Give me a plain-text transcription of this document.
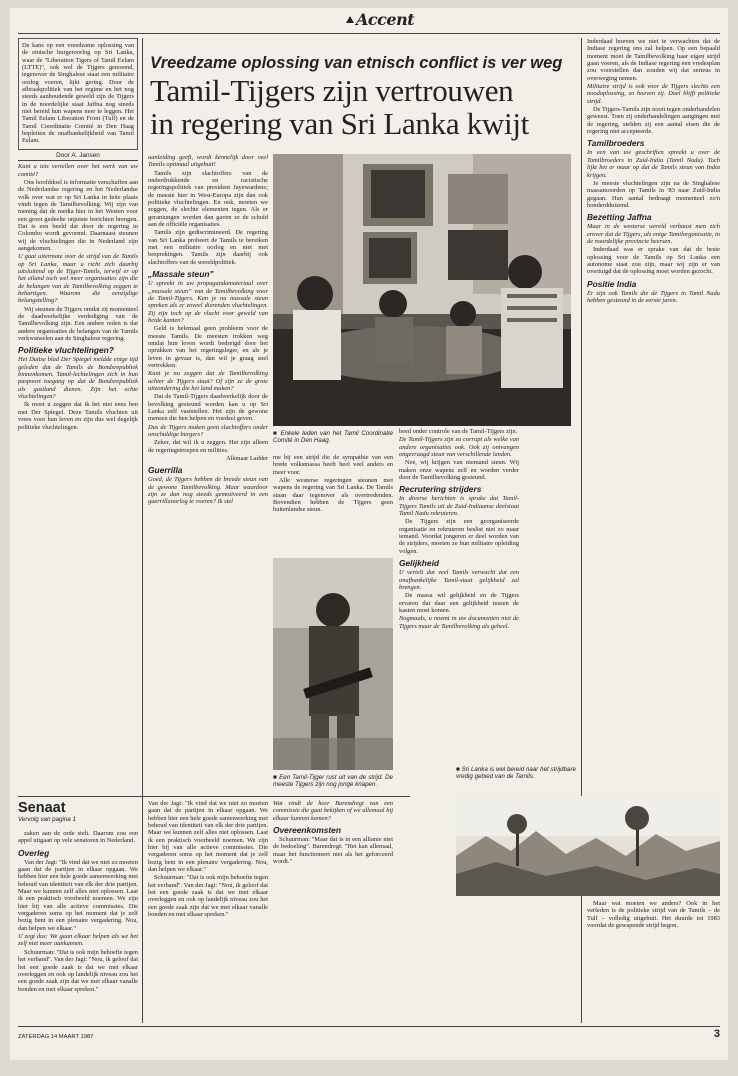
Accent

De kans op een vreedzame oplossing van de etnische burgeroorlog op Sri Lanka, waar de "Liberation Tigers of Tamil Eelam (LTTE)", ook wel de Tijgers genoemd, tegenover de Singhalese staat een militaire oorlog voeren, lijkt gering. Door de afbraakpolitiek van het regime en het nog steeds aanhoudende geweld zijn de Tijgers in de noordelijke staat Jaffna nog steeds niet bereid hun wapens neer te leggen. Het Tamil Eelam Liberation Front (Tulf) en de Tamil Coordinatie Comité in Den Haag bepleiten de onafhankelijkheid van Tamil Eelam.

Door A. Jansen

Kunt u iets vertellen over het werk van uw comité?

Ons hoofddoel is informatie verschaffen aan de Nederlandse regering en het Nederlandse volk over wat er op Sri Lanka in feite plaats vindt tegen de Tamilbevolking. Wij zijn van mening dat de media hier in het Westen voor een groot gedeelte onjuiste berichten brengen. Dat is een beeld dat door de regering in Colombo wordt gevormd. Daarnaast steunen wij de vluchtelingen die in Nederland zijn aangekomen.

U gaat uitermate over de strijd van de Tamils op Sri Lanka, maar u richt zich daarbij uitsluitend op de Tijger-Tamils, terwijl er op het eiland toch wel meer organisaties zijn die de belangen van de Tamilbevolking zeggen te behartigen. Waarom die eenzijdige belangstelling?

Wij steunen de Tijgers omdat zij momenteel de daadwerkelijke verdediging van de Tamilbevolking zijn. Een andere reden is dat andere organisaties de belangen van de Tamils verkwanselen aan de Singhalese regering.

Politieke vluchtelingen?

Het Duitse blad Der Spiegel meldde enige tijd geleden dat de Tamils de Bondsrepubliek binnenkomen. Tamil-lechtelingen zich in hun paspoort toegang op dat de Bondsrepubliek als gastland dienen. Zijn het echte vluchtelingen?

Ik moet u zeggen dat ik het niet eens ben met Der Spiegel. Deze Tamils vluchten uit vrees voor hun leven en zijn dus wel degelijk politieke vluchtelingen.

Senaat
Vervolg van pagina 1

zaken aan de orde stelt. Daarom zou een appel uitgaan op vele senatoren in Nederland.

Overleg

Van der Jagt: "Ik vind dat we niet zo moeten gaan dat de partijen in elkaar opgaan. We hebben hier een hele goede samenwerking met behoud van identiteit van elk der drie partijen. Maar we kunnen zelf alles niet oplossen. Laat ik een praktisch voorbeeld noemen. We zijn hier bij van alle actieve commissies. Die vergaderen soms op het moment dat je zelf bezig bent in een plenaire vergadering. Nou, dan helpen we elkaar."

U zegt dus: We gaan elkaar helpen als we het zelf niet meer aankunnen.

Schuurman: "Dat is ook mijn behoefte tegen het verband". Van der Jagt: "Nou, ik geloof dat het een goede zaak is dat we met elkaar overleggen en ook op landelijk niveau zou het een goede zaak zijn dat we met elkaar vanalle bonden en met elkaar spreken."

Vreedzame oplossing van etnisch conflict is ver weg
Tamil-Tijgers zijn vertrouwen
in regering van Sri Lanka kwijt

aanleiding geeft, wordt kennelijk door veel Tamils optimaal uitgebuit!

Tamils zijn slachtoffers van de onderdrukkende en racistische regeringspolitiek van president Jayewardene; de meeste hier in West-Europa zijn dan ook politieke vluchtelingen. En ook, moeten we zeggen, de slechte elementen tegen. Als er geraniungen worden dan gaven ze de schuld aan de officiële organisaties.

Tamils zijn gediscrimineerd. De regering van Sri Lanka probeert de Tamils te bereiken met een militaire oorlog en niet met besprekingen. Tamils zijn daarbij ook slachtoffers van de wereldpolitiek.

„Massale steun”

U spreekt in uw propagandamateriaal over „massale steun” van de Tamilbevolking voor de Tamil-Tijgers. Kan je nu massale steun spreken als er zoveel dierenden vluchtelingen. Zij zijn toch op de vlucht voor geweld van beide kanten?

Geld is helemaal geen probleem voor de meeste Tamils. De meesten trokken weg omdat hun leven wordt bedreigd door het oprukken van het regeringsleger, en als je leven in gevaar is, dan wil je graag snel vertrekken.

Kunt je nu zeggen dat de Tamilbevolking achter de Tijgers staat? Of zijn ze de grote uitzondering die het land maken?

Dat de Tamil-Tijgers daadwerkelijk door de bevolking gesteund worden kan u op Sri Lanka zelf vaststellen. Het zijn de gewone mensen die hen helpen en voedsel geven.

Dus de Tijgers maken geen slachtoffers onder onschuldige burgers?

Zeker, dat wil ik u zeggen. Het zijn alleen de regeringstroepen en milities.

Alkmaar Ladder

Guerrilla

Goed, de Tijgers hebben de breede steun van de gewone Tamilbevolking. Maar waardoor zijn ze dan nog steeds gemotiveerd in een guerrillaoorlog te voeren? Ik stel

■ Enkele leden van het Tamil Coordinatie Comité in Den Haag.

me bij een strijd die de sympathie van een brede volksmassa heeft heel veel anders en meer voor.

Alle westerse regeringen steunen met wapens de regering van Sri Lanka. De Tamils staan daar tegenover als overtredenden. Bovendien hebben de Tijgers geen buitenlandse steun.

■ Een Tamil-Tijger rust uit van de strijd. De meeste Tijgers zijn nog jonge knapen.

Van der Jagt: "Ik vind dat we niet zo moeten gaan dat de partijen in elkaar opgaan. We hebben hier een hele goede samenwerking met behoud van identiteit van elk der drie partijen. Maar we kunnen zelf alles niet oplossen. Laat ik een praktisch voorbeeld noemen. We zijn hier bij van alle actieve commissies. Die vergaderen soms op het moment dat je zelf bezig bent in een plenaire vergadering. Nou, dan helpen we elkaar."

Schuurman: "Dat is ook mijn behoefte tegen het verband". Van der Jagt: "Nou, ik geloof dat het een goede zaak is dat we met elkaar overleggen en ook op landelijk niveau zou het een goede zaak zijn dat we met elkaar vanalle bonden en met elkaar spreken."

Wat vindt de heer Barendregt van een commissie die gaat bekijken of we allemaal bij elkaar kunnen komen?

Overeenkomsten

Schuurman: "Maar dat is in een allianie niet de bedoeling". Barendregt: "Het kan allemaal, maar het functioneert niet als het geforceerd wordt."

beed onder controle van de Tamil-Tijgers zijn.

De Tamil-Tijgers zijn zo corrupt als welke van andere organisaties ook. Ook zij ontvangen ongevraagd steun van verschillende landen.

Nee, wij krijgen van niemand steun. Wij maken onze wapens zelf en worden verder door de Tamilbevolking gesteund.

Recrutering strijders

In diverse berichten is sprake dat Tamil-Tijgers Tamils uit de Zuid-Indiaanse deelstaat Tamil Nadu rekruteren.

De Tijgers zijn een georganiseerde organisatie en rekruteren beslist niet zo maar iemand. Voordat jongeren er deel worden van de strijders, moeten ze hun militaire opleiding volgen.

Gelijkheid

U vertelt dat veel Tamils verwacht dat een onafhankelijke Tamil-staat gelijkheid zal brengen.

De massa wil gelijkheid en de Tijgers ervaren dat daar een gelijkheid tussen de kasten moet komen.

Nogmaals, u noemt in uw documenten niet de Tijgers maar de Tamilbevolking als geheel.

Inderdaad hoeven we niet te verwachten dat de Indiase regering ons zal helpen. Op een bepaald moment moet de Tamilbevolking haar eigen strijd gaan voeren, als de Indiase regering een vredesplan zou voorstellen dan zouden wij dat serieus in overweging nemen.

Militaire strijd is ook voor de Tijgers slechts een noodoplossing, zo hoeven zij. Doel blijft politieke strijd.

De Tijgers-Tamils zijn nooit tegen onderhandelen geweest. Toen zij onderhandelingen aangingen met de regering, stelden zij een aantal eisen die de regering niet accepteerde.

Tamilbroeders

In een van uw geschriften spreekt u over de Tamilbroeders in Zuid-India (Tamil Nadu). Toch lijkt het er maar op dat de Tamils steun van India krijgen.

Je meeste vluchtelingen zijn na de Singhalese massamoorden op Tamils in '83 naar Zuid-India gegaan. Hun aantal bedraagt momenteel zo'n honderdduizend.

Bezetting Jaffna

Maar in de westerse wereld verbaast men zich erover dat de Tijgers, als enige Tamilorganisatie, in de noordelijke provincie heersen.

Inderdaad was er sprake van dat de beste oplossing voor de Tamils op Sri Lanka een autonome staat zou zijn, maar wij zijn er van overtuigd dat de oplossing moet worden gezocht.

Positie India

Er zijn ook Tamils die de Tijgers in Tamil Nadu hebben gesteund in de eerste jaren.

■ Sri Lanka is wel bereid naar het strijdbare vredig gebied van de Tamils.

Maar wat moeten we anders? Ook in het verleden is de politieke strijd van de Tamils – de Tulf – volledig uitgebuit. Het duurde tot 1983 voordat de gewapende strijd begon.

ZATERDAG 14 MAART 1987	3
